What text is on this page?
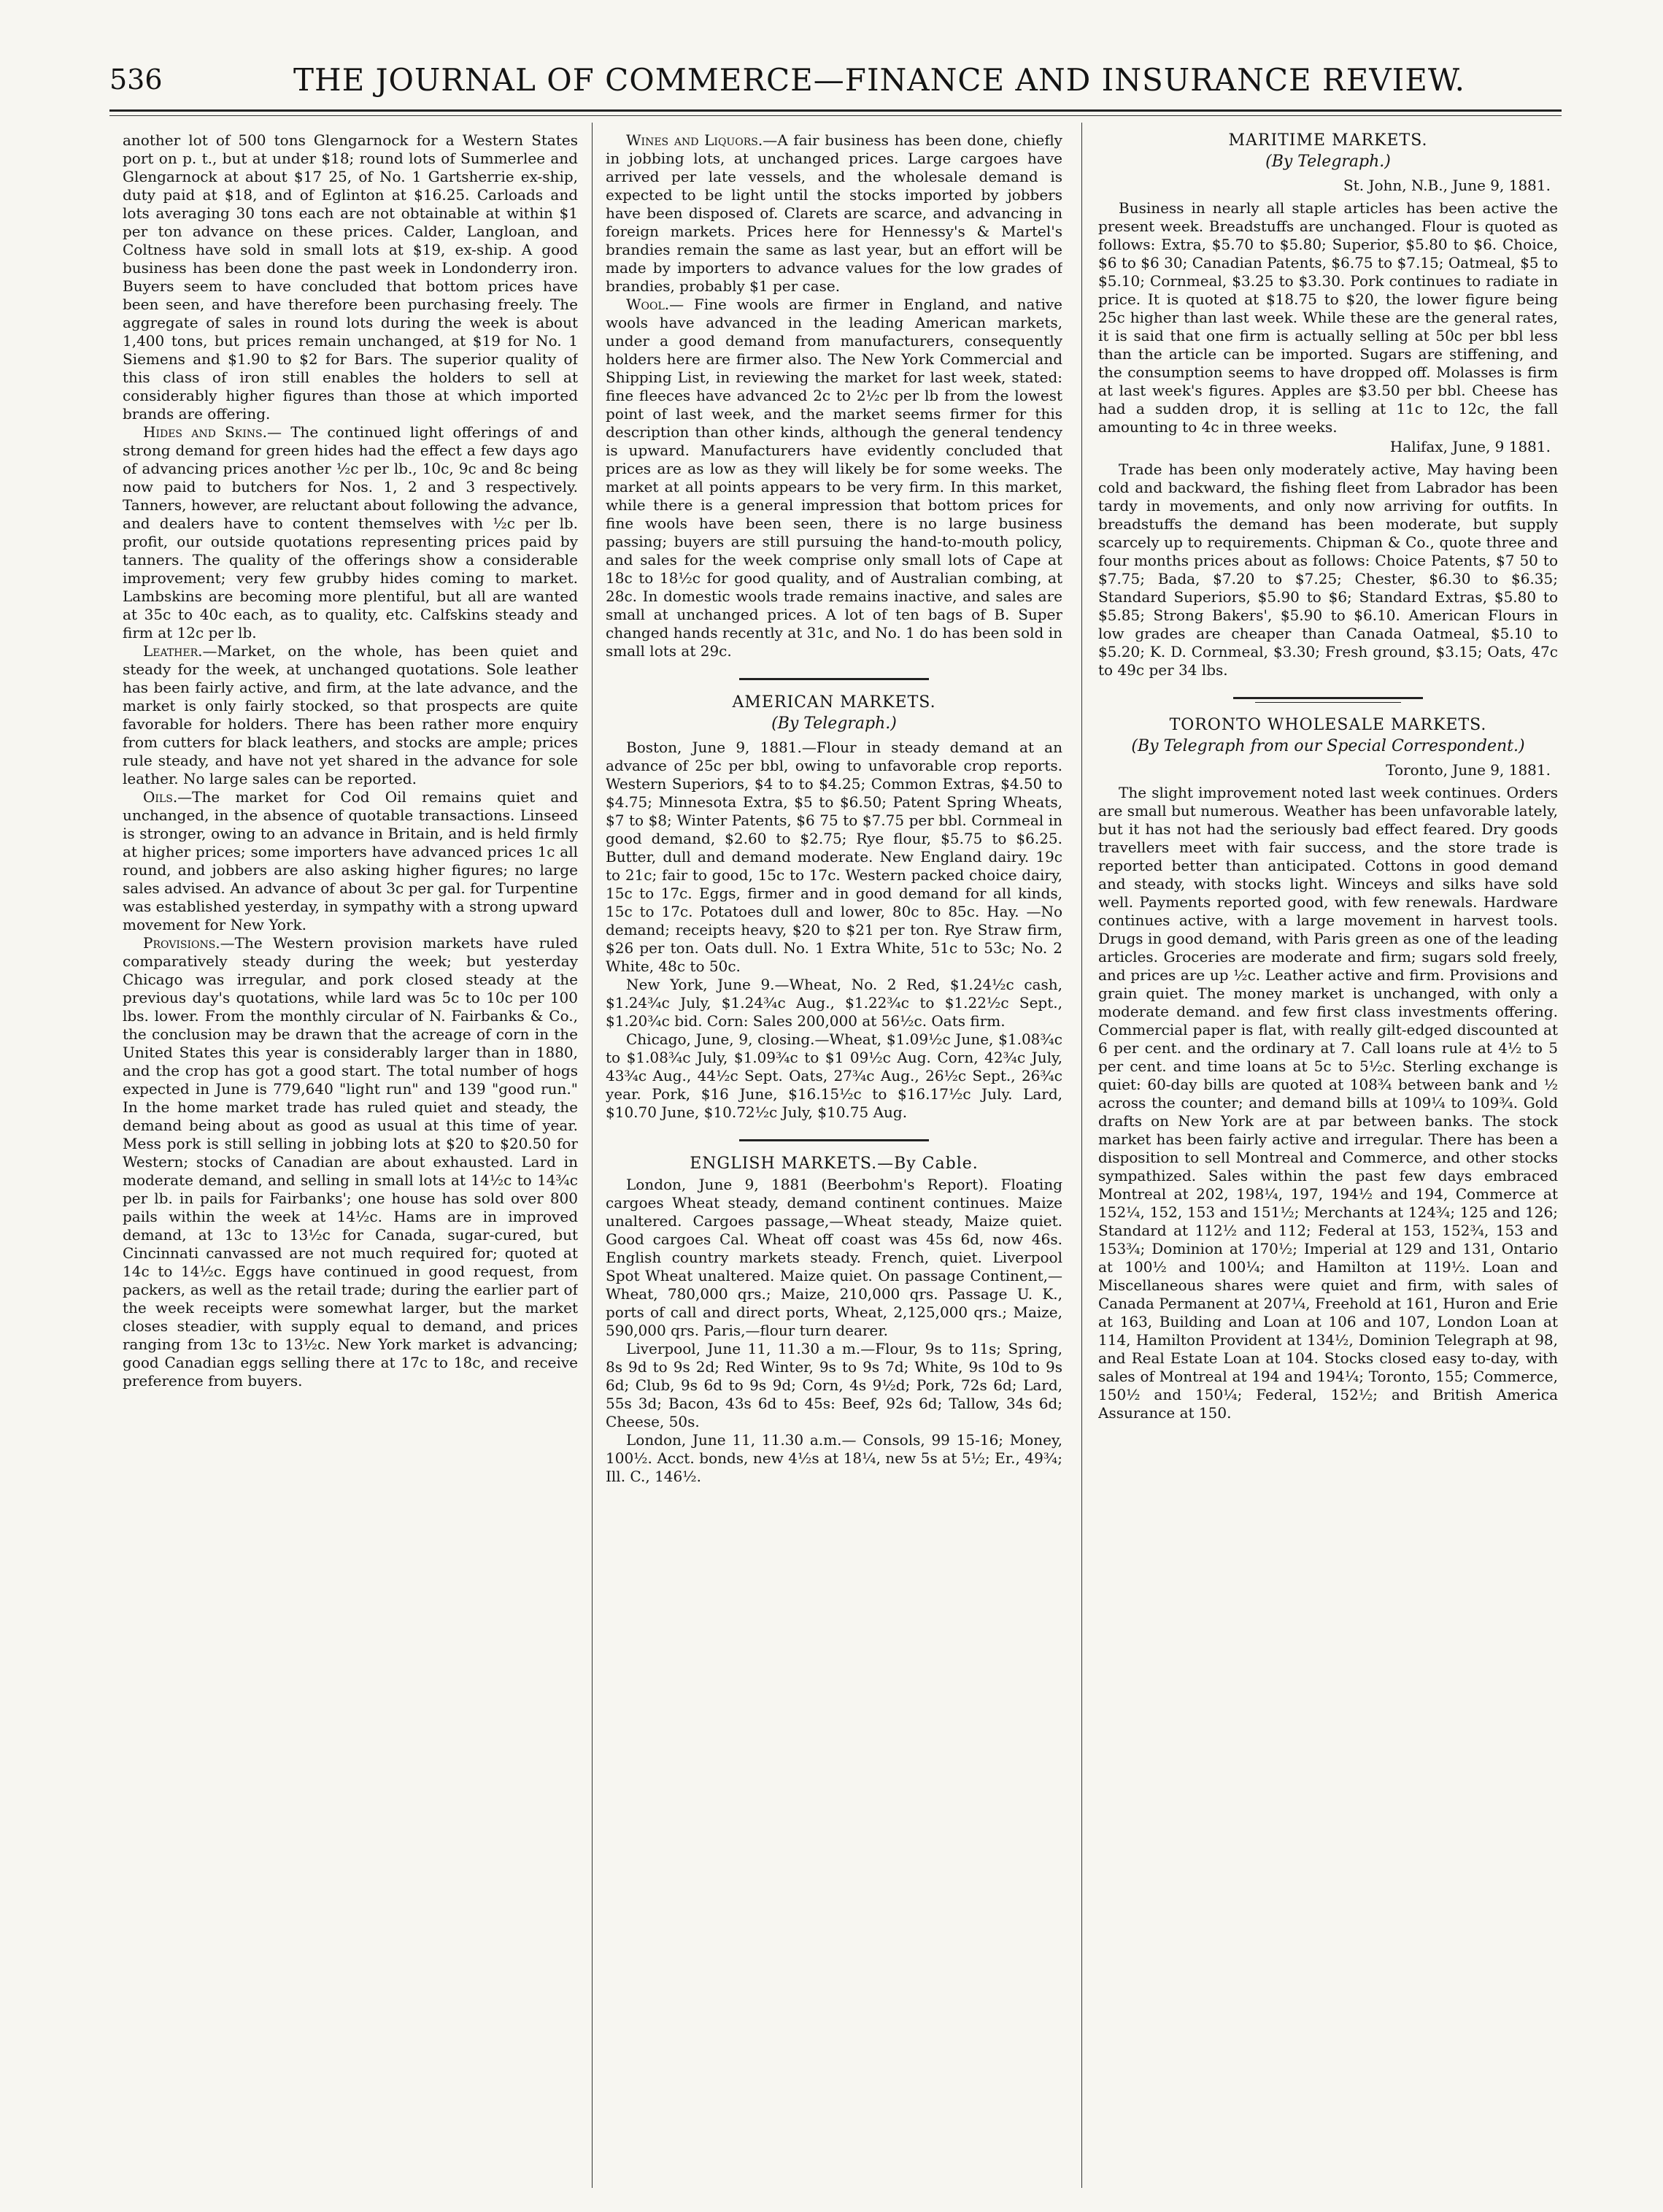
536	THE JOURNAL OF COMMERCE—FINANCE AND INSURANCE REVIEW.

another lot of 500 tons Glengarnock for a Western States port on p. t., but at under $18; round lots of Summerlee and Glengarnock at about $17 25, of No. 1 Gartsherrie ex-ship, duty paid at $18, and of Eglinton at $16.25. Carloads and lots averaging 30 tons each are not obtainable at within $1 per ton advance on these prices. Calder, Langloan, and Coltness have sold in small lots at $19, ex-ship. A good business has been done the past week in Londonderry iron. Buyers seem to have concluded that bottom prices have been seen, and have therefore been purchasing freely. The aggregate of sales in round lots during the week is about 1,400 tons, but prices remain unchanged, at $19 for No. 1 Siemens and $1.90 to $2 for Bars. The superior quality of this class of iron still enables the holders to sell at considerably higher figures than those at which imported brands are offering.

Hides and Skins.— The continued light offerings of and strong demand for green hides had the effect a few days ago of advancing prices another ½c per lb., 10c, 9c and 8c being now paid to butchers for Nos. 1, 2 and 3 respectively. Tanners, however, are reluctant about following the advance, and dealers have to content themselves with ½c per lb. profit, our outside quotations representing prices paid by tanners. The quality of the offerings show a considerable improvement; very few grubby hides coming to market. Lambskins are becoming more plentiful, but all are wanted at 35c to 40c each, as to quality, etc. Calfskins steady and firm at 12c per lb.

Leather.—Market, on the whole, has been quiet and steady for the week, at unchanged quotations. Sole leather has been fairly active, and firm, at the late advance, and the market is only fairly stocked, so that prospects are quite favorable for holders. There has been rather more enquiry from cutters for black leathers, and stocks are ample; prices rule steady, and have not yet shared in the advance for sole leather. No large sales can be reported.

Oils.—The market for Cod Oil remains quiet and unchanged, in the absence of quotable transactions. Linseed is stronger, owing to an advance in Britain, and is held firmly at higher prices; some importers have advanced prices 1c all round, and jobbers are also asking higher figures; no large sales advised. An advance of about 3c per gal. for Turpentine was established yesterday, in sympathy with a strong upward movement for New York.

Provisions.—The Western provision markets have ruled comparatively steady during the week; but yesterday Chicago was irregular, and pork closed steady at the previous day's quotations, while lard was 5c to 10c per 100 lbs. lower. From the monthly circular of N. Fairbanks & Co., the conclusion may be drawn that the acreage of corn in the United States this year is considerably larger than in 1880, and the crop has got a good start. The total number of hogs expected in June is 779,640 "light run" and 139 "good run." In the home market trade has ruled quiet and steady, the demand being about as good as usual at this time of year. Mess pork is still selling in jobbing lots at $20 to $20.50 for Western; stocks of Canadian are about exhausted. Lard in moderate demand, and selling in small lots at 14½c to 14¾c per lb. in pails for Fairbanks'; one house has sold over 800 pails within the week at 14½c. Hams are in improved demand, at 13c to 13½c for Canada, sugar-cured, but Cincinnati canvassed are not much required for; quoted at 14c to 14½c. Eggs have continued in good request, from packers, as well as the retail trade; during the earlier part of the week receipts were somewhat larger, but the market closes steadier, with supply equal to demand, and prices ranging from 13c to 13½c. New York market is advancing; good Canadian eggs selling there at 17c to 18c, and receive preference from buyers.

Wines and Liquors.—A fair business has been done, chiefly in jobbing lots, at unchanged prices. Large cargoes have arrived per late vessels, and the wholesale demand is expected to be light until the stocks imported by jobbers have been disposed of. Clarets are scarce, and advancing in foreign markets. Prices here for Hennessy's & Martel's brandies remain the same as last year, but an effort will be made by importers to advance values for the low grades of brandies, probably $1 per case.

Wool.— Fine wools are firmer in England, and native wools have advanced in the leading American markets, under a good demand from manufacturers, consequently holders here are firmer also. The New York Commercial and Shipping List, in reviewing the market for last week, stated: fine fleeces have advanced 2c to 2½c per lb from the lowest point of last week, and the market seems firmer for this description than other kinds, although the general tendency is upward. Manufacturers have evidently concluded that prices are as low as they will likely be for some weeks. The market at all points appears to be very firm. In this market, while there is a general impression that bottom prices for fine wools have been seen, there is no large business passing; buyers are still pursuing the hand-to-mouth policy, and sales for the week comprise only small lots of Cape at 18c to 18½c for good quality, and of Australian combing, at 28c. In domestic wools trade remains inactive, and sales are small at unchanged prices. A lot of ten bags of B. Super changed hands recently at 31c, and No. 1 do has been sold in small lots at 29c.

AMERICAN MARKETS.
(By Telegraph.)

Boston, June 9, 1881.—Flour in steady demand at an advance of 25c per bbl, owing to unfavorable crop reports. Western Superiors, $4 to to $4.25; Common Extras, $4.50 to $4.75; Minnesota Extra, $5 to $6.50; Patent Spring Wheats, $7 to $8; Winter Patents, $6 75 to $7.75 per bbl. Cornmeal in good demand, $2.60 to $2.75; Rye flour, $5.75 to $6.25. Butter, dull and demand moderate. New England dairy. 19c to 21c; fair to good, 15c to 17c. Western packed choice dairy, 15c to 17c. Eggs, firmer and in good demand for all kinds, 15c to 17c. Potatoes dull and lower, 80c to 85c. Hay. —No demand; receipts heavy, $20 to $21 per ton. Rye Straw firm, $26 per ton. Oats dull. No. 1 Extra White, 51c to 53c; No. 2 White, 48c to 50c.

New York, June 9.—Wheat, No. 2 Red, $1.24½c cash, $1.24¾c July, $1.24¾c Aug., $1.22¾c to $1.22½c Sept., $1.20¾c bid. Corn: Sales 200,000 at 56½c. Oats firm.

Chicago, June, 9, closing.—Wheat, $1.09½c June, $1.08¾c to $1.08¾c July, $1.09¾c to $1 09½c Aug. Corn, 42¾c July, 43¾c Aug., 44½c Sept. Oats, 27¾c Aug., 26½c Sept., 26¾c year. Pork, $16 June, $16.15½c to $16.17½c July. Lard, $10.70 June, $10.72½c July, $10.75 Aug.

ENGLISH MARKETS.—By Cable.

London, June 9, 1881 (Beerbohm's Report). Floating cargoes Wheat steady, demand continent continues. Maize unaltered. Cargoes passage,—Wheat steady, Maize quiet. Good cargoes Cal. Wheat off coast was 45s 6d, now 46s. English country markets steady. French, quiet. Liverpool Spot Wheat unaltered. Maize quiet. On passage Continent,—Wheat, 780,000 qrs.; Maize, 210,000 qrs. Passage U. K., ports of call and direct ports, Wheat, 2,125,000 qrs.; Maize, 590,000 qrs. Paris,—flour turn dearer.

Liverpool, June 11, 11.30 a m.—Flour, 9s to 11s; Spring, 8s 9d to 9s 2d; Red Winter, 9s to 9s 7d; White, 9s 10d to 9s 6d; Club, 9s 6d to 9s 9d; Corn, 4s 9½d; Pork, 72s 6d; Lard, 55s 3d; Bacon, 43s 6d to 45s: Beef, 92s 6d; Tallow, 34s 6d; Cheese, 50s.

London, June 11, 11.30 a.m.— Consols, 99 15-16; Money, 100½. Acct. bonds, new 4½s at 18¼, new 5s at 5½; Er., 49¾; Ill. C., 146½.

MARITIME MARKETS.
(By Telegraph.)
St. John, N.B., June 9, 1881.

Business in nearly all staple articles has been active the present week. Breadstuffs are unchanged. Flour is quoted as follows: Extra, $5.70 to $5.80; Superior, $5.80 to $6. Choice, $6 to $6 30; Canadian Patents, $6.75 to $7.15; Oatmeal, $5 to $5.10; Cornmeal, $3.25 to $3.30. Pork continues to radiate in price. It is quoted at $18.75 to $20, the lower figure being 25c higher than last week. While these are the general rates, it is said that one firm is actually selling at 50c per bbl less than the article can be imported. Sugars are stiffening, and the consumption seems to have dropped off. Molasses is firm at last week's figures. Apples are $3.50 per bbl. Cheese has had a sudden drop, it is selling at 11c to 12c, the fall amounting to 4c in three weeks.

Halifax, June, 9 1881.

Trade has been only moderately active, May having been cold and backward, the fishing fleet from Labrador has been tardy in movements, and only now arriving for outfits. In breadstuffs the demand has been moderate, but supply scarcely up to requirements. Chipman & Co., quote three and four months prices about as follows: Choice Patents, $7 50 to $7.75; Bada, $7.20 to $7.25; Chester, $6.30 to $6.35; Standard Superiors, $5.90 to $6; Standard Extras, $5.80 to $5.85; Strong Bakers', $5.90 to $6.10. American Flours in low grades are cheaper than Canada Oatmeal, $5.10 to $5.20; K. D. Cornmeal, $3.30; Fresh ground, $3.15; Oats, 47c to 49c per 34 lbs.

TORONTO WHOLESALE MARKETS.
(By Telegraph from our Special Correspondent.)
Toronto, June 9, 1881.

The slight improvement noted last week continues. Orders are small but numerous. Weather has been unfavorable lately, but it has not had the seriously bad effect feared. Dry goods travellers meet with fair success, and the store trade is reported better than anticipated. Cottons in good demand and steady, with stocks light. Winceys and silks have sold well. Payments reported good, with few renewals. Hardware continues active, with a large movement in harvest tools. Drugs in good demand, with Paris green as one of the leading articles. Groceries are moderate and firm; sugars sold freely, and prices are up ½c. Leather active and firm. Provisions and grain quiet. The money market is unchanged, with only a moderate demand. and few first class investments offering. Commercial paper is flat, with really gilt-edged discounted at 6 per cent. and the ordinary at 7. Call loans rule at 4½ to 5 per cent. and time loans at 5c to 5½c. Sterling exchange is quiet: 60-day bills are quoted at 108¾ between bank and ½ across the counter; and demand bills at 109¼ to 109¾. Gold drafts on New York are at par between banks. The stock market has been fairly active and irregular. There has been a disposition to sell Montreal and Commerce, and other stocks sympathized. Sales within the past few days embraced Montreal at 202, 198¼, 197, 194½ and 194, Commerce at 152¼, 152, 153 and 151½; Merchants at 124¾; 125 and 126; Standard at 112½ and 112; Federal at 153, 152¾, 153 and 153¾; Dominion at 170½; Imperial at 129 and 131, Ontario at 100½ and 100¼; and Hamilton at 119½. Loan and Miscellaneous shares were quiet and firm, with sales of Canada Permanent at 207¼, Freehold at 161, Huron and Erie at 163, Building and Loan at 106 and 107, London Loan at 114, Hamilton Provident at 134½, Dominion Telegraph at 98, and Real Estate Loan at 104. Stocks closed easy to-day, with sales of Montreal at 194 and 194¼; Toronto, 155; Commerce, 150½ and 150¼; Federal, 152½; and British America Assurance at 150.
